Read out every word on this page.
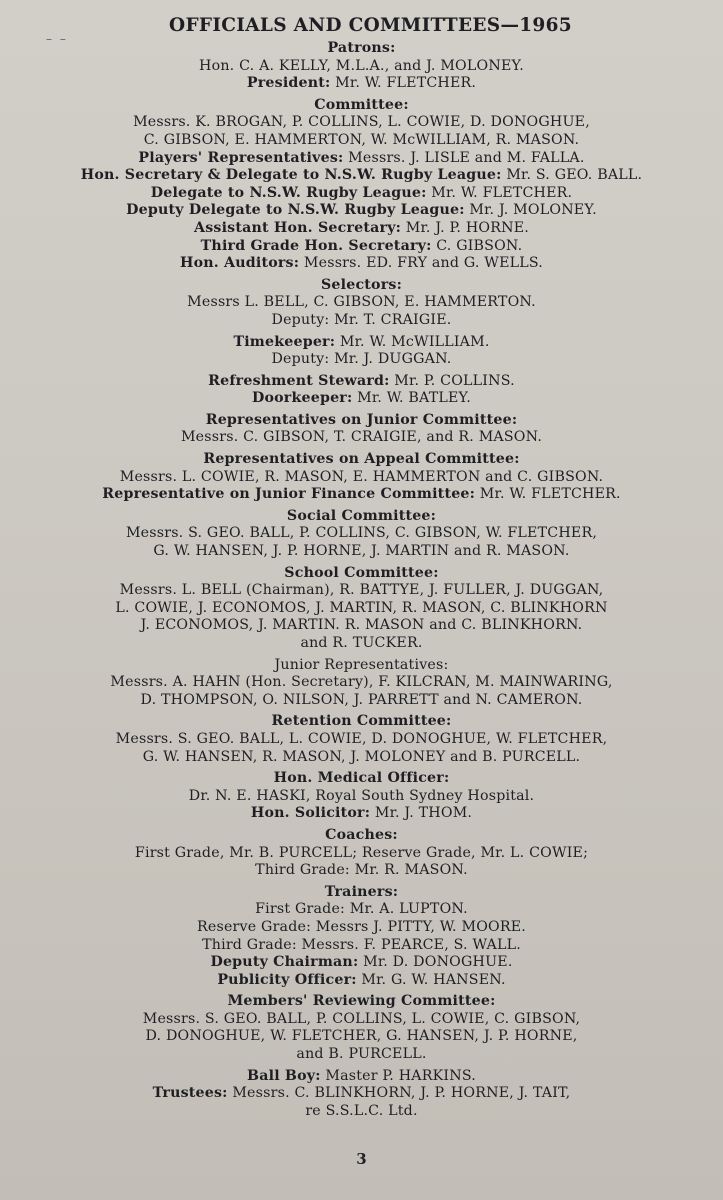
– –
OFFICIALS AND COMMITTEES—1965
Patrons:
Hon. C. A. KELLY, M.L.A., and J. MOLONEY.
President: Mr. W. FLETCHER.
Committee:
Messrs. K. BROGAN, P. COLLINS, L. COWIE, D. DONOGHUE,
C. GIBSON, E. HAMMERTON, W. McWILLIAM, R. MASON.
Players' Representatives: Messrs. J. LISLE and M. FALLA.
Hon. Secretary & Delegate to N.S.W. Rugby League: Mr. S. GEO. BALL.
Delegate to N.S.W. Rugby League: Mr. W. FLETCHER.
Deputy Delegate to N.S.W. Rugby League: Mr. J. MOLONEY.
Assistant Hon. Secretary: Mr. J. P. HORNE.
Third Grade Hon. Secretary: C. GIBSON.
Hon. Auditors: Messrs. ED. FRY and G. WELLS.
Selectors:
Messrs L. BELL, C. GIBSON, E. HAMMERTON.
Deputy: Mr. T. CRAIGIE.
Timekeeper: Mr. W. McWILLIAM.
Deputy: Mr. J. DUGGAN.
Refreshment Steward: Mr. P. COLLINS.
Doorkeeper: Mr. W. BATLEY.
Representatives on Junior Committee:
Messrs. C. GIBSON, T. CRAIGIE, and R. MASON.
Representatives on Appeal Committee:
Messrs. L. COWIE, R. MASON, E. HAMMERTON and C. GIBSON.
Representative on Junior Finance Committee: Mr. W. FLETCHER.
Social Committee:
Messrs. S. GEO. BALL, P. COLLINS, C. GIBSON, W. FLETCHER,
G. W. HANSEN, J. P. HORNE, J. MARTIN and R. MASON.
School Committee:
Messrs. L. BELL (Chairman), R. BATTYE, J. FULLER, J. DUGGAN,
L. COWIE, J. ECONOMOS, J. MARTIN, R. MASON, C. BLINKHORN
J. ECONOMOS, J. MARTIN. R. MASON and C. BLINKHORN.
and R. TUCKER.
Junior Representatives:
Messrs. A. HAHN (Hon. Secretary), F. KILCRAN, M. MAINWARING,
D. THOMPSON, O. NILSON, J. PARRETT and N. CAMERON.
Retention Committee:
Messrs. S. GEO. BALL, L. COWIE, D. DONOGHUE, W. FLETCHER,
G. W. HANSEN, R. MASON, J. MOLONEY and B. PURCELL.
Hon. Medical Officer:
Dr. N. E. HASKI, Royal South Sydney Hospital.
Hon. Solicitor: Mr. J. THOM.
Coaches:
First Grade, Mr. B. PURCELL; Reserve Grade, Mr. L. COWIE;
Third Grade: Mr. R. MASON.
Trainers:
First Grade: Mr. A. LUPTON.
Reserve Grade: Messrs J. PITTY, W. MOORE.
Third Grade: Messrs. F. PEARCE, S. WALL.
Deputy Chairman: Mr. D. DONOGHUE.
Publicity Officer: Mr. G. W. HANSEN.
Members' Reviewing Committee:
Messrs. S. GEO. BALL, P. COLLINS, L. COWIE, C. GIBSON,
D. DONOGHUE, W. FLETCHER, G. HANSEN, J. P. HORNE,
and B. PURCELL.
Ball Boy: Master P. HARKINS.
Trustees: Messrs. C. BLINKHORN, J. P. HORNE, J. TAIT,
re S.S.L.C. Ltd.
3
